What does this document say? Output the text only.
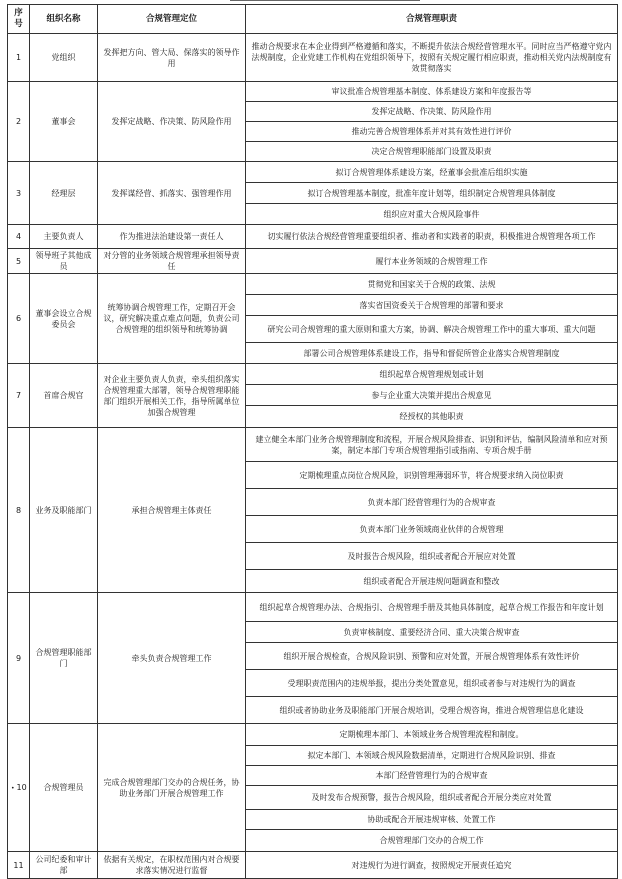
序号	组织名称	合规管理定位	合规管理职责
1	党组织	发挥把方向、管大局、保落实的领导作用	推动合规要求在本企业得到严格遵循和落实，不断提升依法合规经营管理水平。同时应当严格遵守党内法规制度，企业党建工作机构在党组织领导下，按照有关规定履行相应职责，推动相关党内法规制度有效贯彻落实
2	董事会	发挥定战略、作决策、防风险作用	审议批准合规管理基本制度、体系建设方案和年度报告等
			发挥定战略、作决策、防风险作用
			推动完善合规管理体系并对其有效性进行评价
			决定合规管理职能部门设置及职责
3	经理层	发挥谋经营、抓落实、强管理作用	拟订合规管理体系建设方案，经董事会批准后组织实施
			拟订合规管理基本制度，批准年度计划等，组织制定合规管理具体制度
			组织应对重大合规风险事件
4	主要负责人	作为推进法治建设第一责任人	切实履行依法合规经营管理重要组织者、推动者和实践者的职责，积极推进合规管理各项工作
5	领导班子其他成员	对分管的业务领域合规管理承担领导责任	履行本业务领域的合规管理工作
6	董事会设立合规委员会	统筹协调合规管理工作，定期召开会议，研究解决重点难点问题，负责公司合规管理的组织领导和统筹协调	贯彻党和国家关于合规的政策、法规
			落实省国资委关于合规管理的部署和要求
			研究公司合规管理的重大原则和重大方案，协调、解决合规管理工作中的重大事项、重大问题
			部署公司合规管理体系建设工作，指导和督促所管企业落实合规管理制度
7	首席合规官	对企业主要负责人负责，牵头组织落实合规管理重大部署，领导合规管理职能部门组织开展相关工作，指导所属单位加强合规管理	组织起草合规管理规划或计划
			参与企业重大决策并提出合规意见
			经授权的其他职责
8	业务及职能部门	承担合规管理主体责任	建立健全本部门业务合规管理制度和流程，开展合规风险排查、识别和评估，编制风险清单和应对预案，制定本部门专项合规管理指引或指南、专项合规手册
			定期梳理重点岗位合规风险，识别管理薄弱环节，将合规要求纳入岗位职责
			负责本部门经营管理行为的合规审查
			负责本部门业务领域商业伙伴的合规管理
			及时报告合规风险，组织或者配合开展应对处置
			组织或者配合开展违规问题调查和整改
9	合规管理职能部门	牵头负责合规管理工作	组织起草合规管理办法、合规指引、合规管理手册及其他具体制度，起草合规工作报告和年度计划
			负责审核制度、重要经济合同、重大决策合规审查
			组织开展合规检查，合规风险识别、预警和应对处置，开展合规管理体系有效性评价
			受理职责范围内的违规举报，提出分类处置意见，组织或者参与对违规行为的调查
			组织或者协助业务及职能部门开展合规培训，受理合规咨询，推进合规管理信息化建设
• 10	合规管理员	完成合规管理部门交办的合规任务，协助业务部门开展合规管理工作	定期梳理本部门、本领域业务合规管理流程和制度。
			拟定本部门、本领域合规风险数据清单，定期进行合规风险识别、排查
			本部门经营管理行为的合规审查
			及时发布合规预警，报告合规风险，组织或者配合开展分类应对处置
			协助或配合开展违规审核、处置工作
			合规管理部门交办的合规工作
11	公司纪委和审计部	依据有关规定，在职权范围内对合规要求落实情况进行监督	对违规行为进行调查，按照规定开展责任追究
